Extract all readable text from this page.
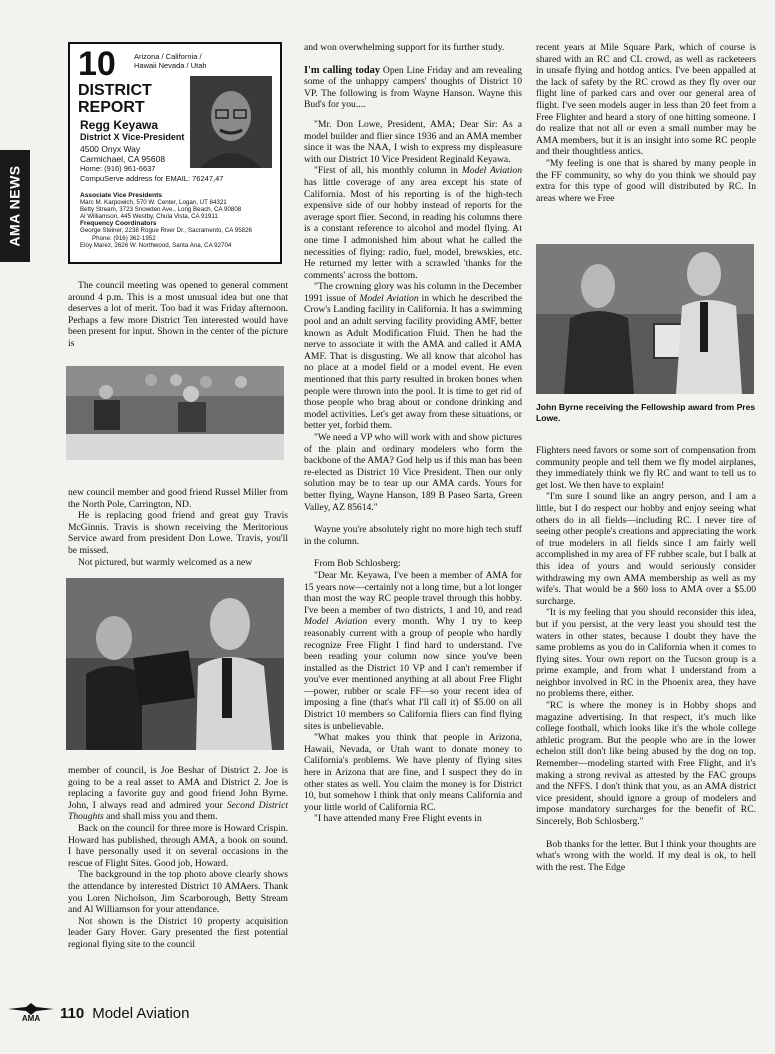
AMA NEWS
10 Arizona / California / Hawaii Nevada / Utah
DISTRICT REPORT
Regg Keyawa
District X Vice-President
4500 Onyx Way
Carmichael, CA 95608
Home: (916) 961-6637
CompuServe address for EMAIL: 76247,47
Associate Vice Presidents
Marc M. Karpowich, 570 W. Center, Logan, UT 84321
Betty Stream, 3723 Snowden Ave., Long Beach, CA 90808
Al Williamson, 445 Westby, Chula Vista, CA 91911
Frequency Coordinators
George Steiner, 2238 Rogue River Dr., Sacramento, CA 95826
Phone: (916) 362-1952
Eloy Marez, 2626 W. Northwood, Santa Ana, CA 92704

The council meeting was opened to general comment around 4 p.m. This is a most unusual idea but one that deserves a lot of merit. Too bad it was Friday afternoon. Perhaps a few more District Ten interested would have been present for input. Shown in the center of the picture is

new council member and good friend Russel Miller from the North Pole, Carrington, ND.

He is replacing good friend and great guy Travis McGinnis. Travis is shown receiving the Meritorious Service award from president Don Lowe. Travis, you'll be missed.

Not pictured, but warmly welcomed as a new

member of council, is Joe Beshar of District 2. Joe is going to be a real asset to AMA and District 2. Joe is replacing a favorite guy and good friend John Byrne. John, I always read and admired your Second District Thoughts and shall miss you and them.

Back on the council for three more is Howard Crispin. Howard has published, through AMA, a book on sound. I have personally used it on several occasions in the rescue of Flight Sites. Good job, Howard.

The background in the top photo above clearly shows the attendance by interested District 10 AMAers. Thank you Loren Nicholson, Jim Scarborough, Betty Stream and Al Williamson for your attendance.

Not shown is the District 10 property acquisition leader Gary Hover. Gary presented the first potential regional flying site to the council

and won overwhelming support for its further study.

I'm calling today Open Line Friday and am revealing some of the unhappy campers' thoughts of District 10 VP. The following is from Wayne Hanson. Wayne this Bud's for you....

"Mr. Don Lowe, President, AMA; Dear Sir: As a model builder and flier since 1936 and an AMA member since it was the NAA, I wish to express my displeasure with our District 10 Vice President Reginald Keyawa.

"First of all, his monthly column in Model Aviation has little coverage of any area except his state of California. Most of his reporting is of the high-tech expensive side of our hobby instead of reports for the average sport flier. Second, in reading his columns there is a constant reference to alcohol and model flying. At one time I admonished him about what he called the necessities of flying: radio, fuel, model, brewskies, etc. He returned my letter with a scrawled 'thanks for the comments' across the bottom.

"The crowning glory was his column in the December 1991 issue of Model Aviation in which he described the Crow's Landing facility in California. It has a swimming pool and an adult serving facility providing AMF, better known as Adult Modification Fluid. Then he had the nerve to associate it with the AMA and called it AMA AMF. That is disgusting. We all know that alcohol has no place at a model field or a model event. He even mentioned that this party resulted in broken bones when people were thrown into the pool. It is time to get rid of those people who brag about or condone drinking and model activities. Let's get away from these situations, or better yet, forbid them.

"We need a VP who will work with and show pictures of the plain and ordinary modelers who form the backbone of the AMA? God help us if this man has been re-elected as District 10 Vice President. Then our only solution may be to tear up our AMA cards. Yours for better flying, Wayne Hanson, 189 B Paseo Sarta, Green Valley, AZ 85614."

Wayne you're absolutely right no more high tech stuff in the column.

From Bob Schlosberg:

"Dear Mr. Keyawa, I've been a member of AMA for 15 years now—certainly not a long time, but a lot longer than most the way RC people travel through this hobby. I've been a member of two districts, 1 and 10, and read Model Aviation every month. Why I try to keep reasonably current with a group of people who hardly recognize Free Flight I find hard to understand. I've been reading your column now since you've been installed as the District 10 VP and I can't remember if you've ever mentioned anything at all about Free Flight—power, rubber or scale FF—so your recent idea of imposing a fine (that's what I'll call it) of $5.00 on all District 10 members so California fliers can find flying sites is unbelievable.

"What makes you think that people in Arizona, Hawaii, Nevada, or Utah want to donate money to California's problems. We have plenty of flying sites here in Arizona that are fine, and I suspect they do in other states as well. You claim the money is for District 10, but somehow I think that only means California and your little world of California RC.

"I have attended many Free Flight events in

recent years at Mile Square Park, which of course is shared with an RC and CL crowd, as well as racketeers in unsafe flying and hotdog antics. I've been appalled at the lack of safety by the RC crowd as they fly over our flight line of parked cars and over our general area of flight. I've seen models auger in less than 20 feet from a Free Flighter and heard a story of one hitting someone. I do realize that not all or even a small number may be AMA members, but it is an insight into some RC people and their thoughtless antics.

"My feeling is one that is shared by many people in the FF community, so why do you think we should pay extra for this type of good will distributed by RC. In areas where we Free

John Byrne receiving the Fellowship award from Pres Lowe.

Flighters need favors or some sort of compensation from community people and tell them we fly model airplanes, they immediately think we fly RC and want to tell us to get lost. We then have to explain!

"I'm sure I sound like an angry person, and I am a little, but I do respect our hobby and enjoy seeing what others do in all fields—including RC. I never tire of seeing other people's creations and appreciating the work of true modelers in all fields since I am fairly well accomplished in my area of FF rubber scale, but I balk at this idea of yours and would seriously consider withdrawing my own AMA membership as well as my wife's. That would be a $60 loss to AMA over a $5.00 surcharge.

"It is my feeling that you should reconsider this idea, but if you persist, at the very least you should test the waters in other states, because I doubt they have the same problems as you do in California when it comes to flying sites. Your own report on the Tucson group is a prime example, and from what I understand from a neighbor involved in RC in the Phoenix area, they have no problems there, either.

"RC is where the money is in Hobby shops and magazine advertising. In that respect, it's much like college football, which looks like it's the whole college athletic program. But the people who are in the lower echelon still don't like being abused by the dog on top. Remember—modeling started with Free Flight, and it's making a strong revival as attested by the FAC groups and the NFFS. I don't think that you, as an AMA district vice president, should ignore a group of modelers and impose mandatory surcharges for the benefit of RC. Sincerely, Bob Schlosberg."

Bob thanks for the letter. But I think your thoughts are what's wrong with the world. If my deal is ok, to hell with the rest. The Edge

AMA 110 Model Aviation
